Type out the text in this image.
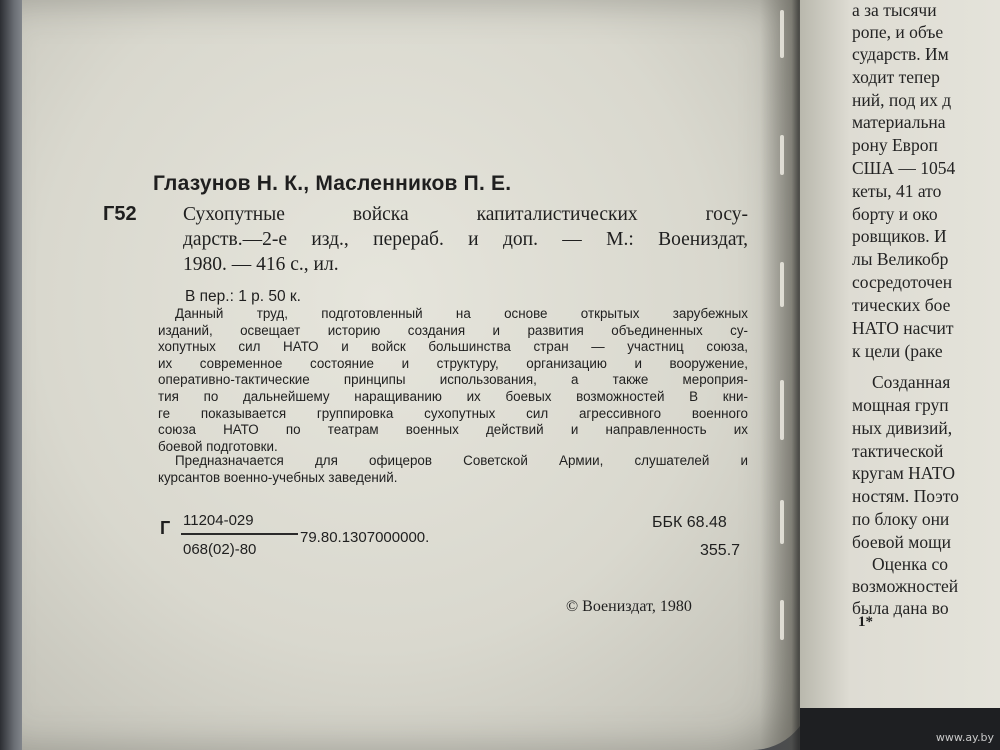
а за тысячи
ропе, и объе
сударств. Им
ходит тепер
ний, под их д
материальна
рону Европ
США — 1054
кеты, 41 ато
борту и око
ровщиков. И
лы Великобр
сосредоточен
тических бое
НАТО насчит
к цели (раке
Созданная
мощная груп
ных дивизий,
тактической
кругам НАТО
ностям. Поэто
по блоку они
боевой мощи
Оценка со
возможностей
была дана во
1*
Глазунов Н. К., Масленников П. Е.
Г52 Сухопутные войска капиталистических госу-
дарств.—2-е изд., перераб. и доп. — М.: Воениздат,
1980. — 416 с., ил.
В пер.: 1 р. 50 к.
Данный труд, подготовленный на основе открытых зарубежных
изданий, освещает историю создания и развития объединенных су-
хопутных сил НАТО и войск большинства стран — участниц союза,
их современное состояние и структуру, организацию и вооружение,
оперативно-тактические принципы использования, а также мероприя-
тия по дальнейшему наращиванию их боевых возможностей В кни-
ге показывается группировка сухопутных сил агрессивного военного
союза НАТО по театрам военных действий и направленность их
боевой подготовки.
Предназначается для офицеров Советской Армии, слушателей и
курсантов военно-учебных заведений.
Г 11204-029
068(02)-80
79.80.1307000000.
ББК 68.48
355.7
© Воениздат, 1980
www.ay.by
